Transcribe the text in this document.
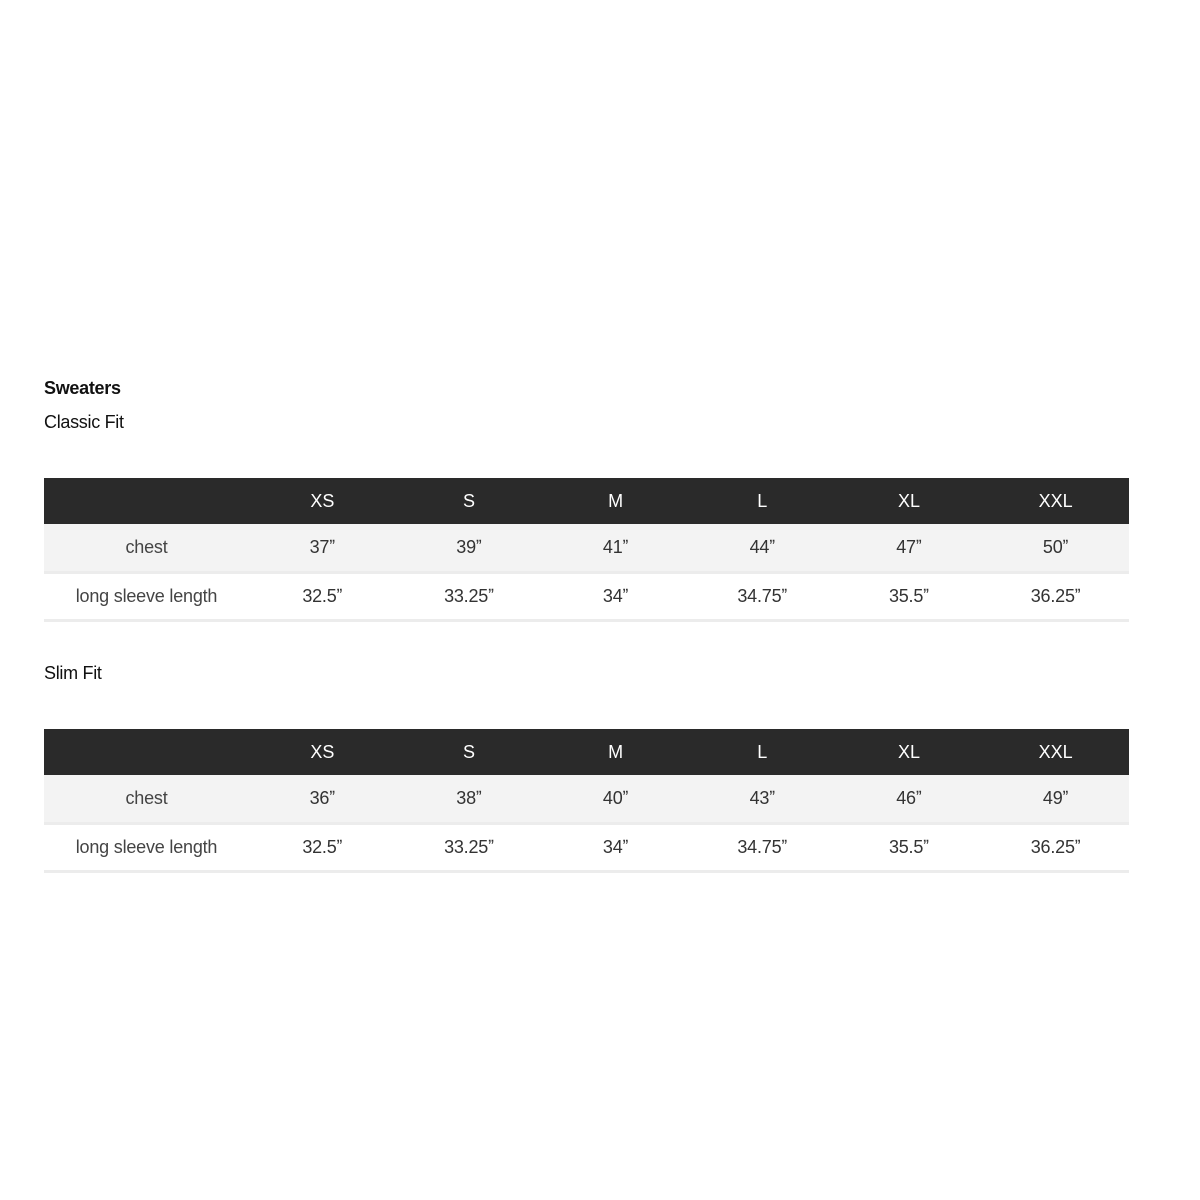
Sweaters
Classic Fit
	XS	S	M	L	XL	XXL
chest	37ˮ	39ˮ	41ˮ	44ˮ	47ˮ	50ˮ
long sleeve length	32.5ˮ	33.25ˮ	34ˮ	34.75ˮ	35.5ˮ	36.25ˮ
Slim Fit
	XS	S	M	L	XL	XXL
chest	36ˮ	38ˮ	40ˮ	43ˮ	46ˮ	49ˮ
long sleeve length	32.5ˮ	33.25ˮ	34ˮ	34.75ˮ	35.5ˮ	36.25ˮ
